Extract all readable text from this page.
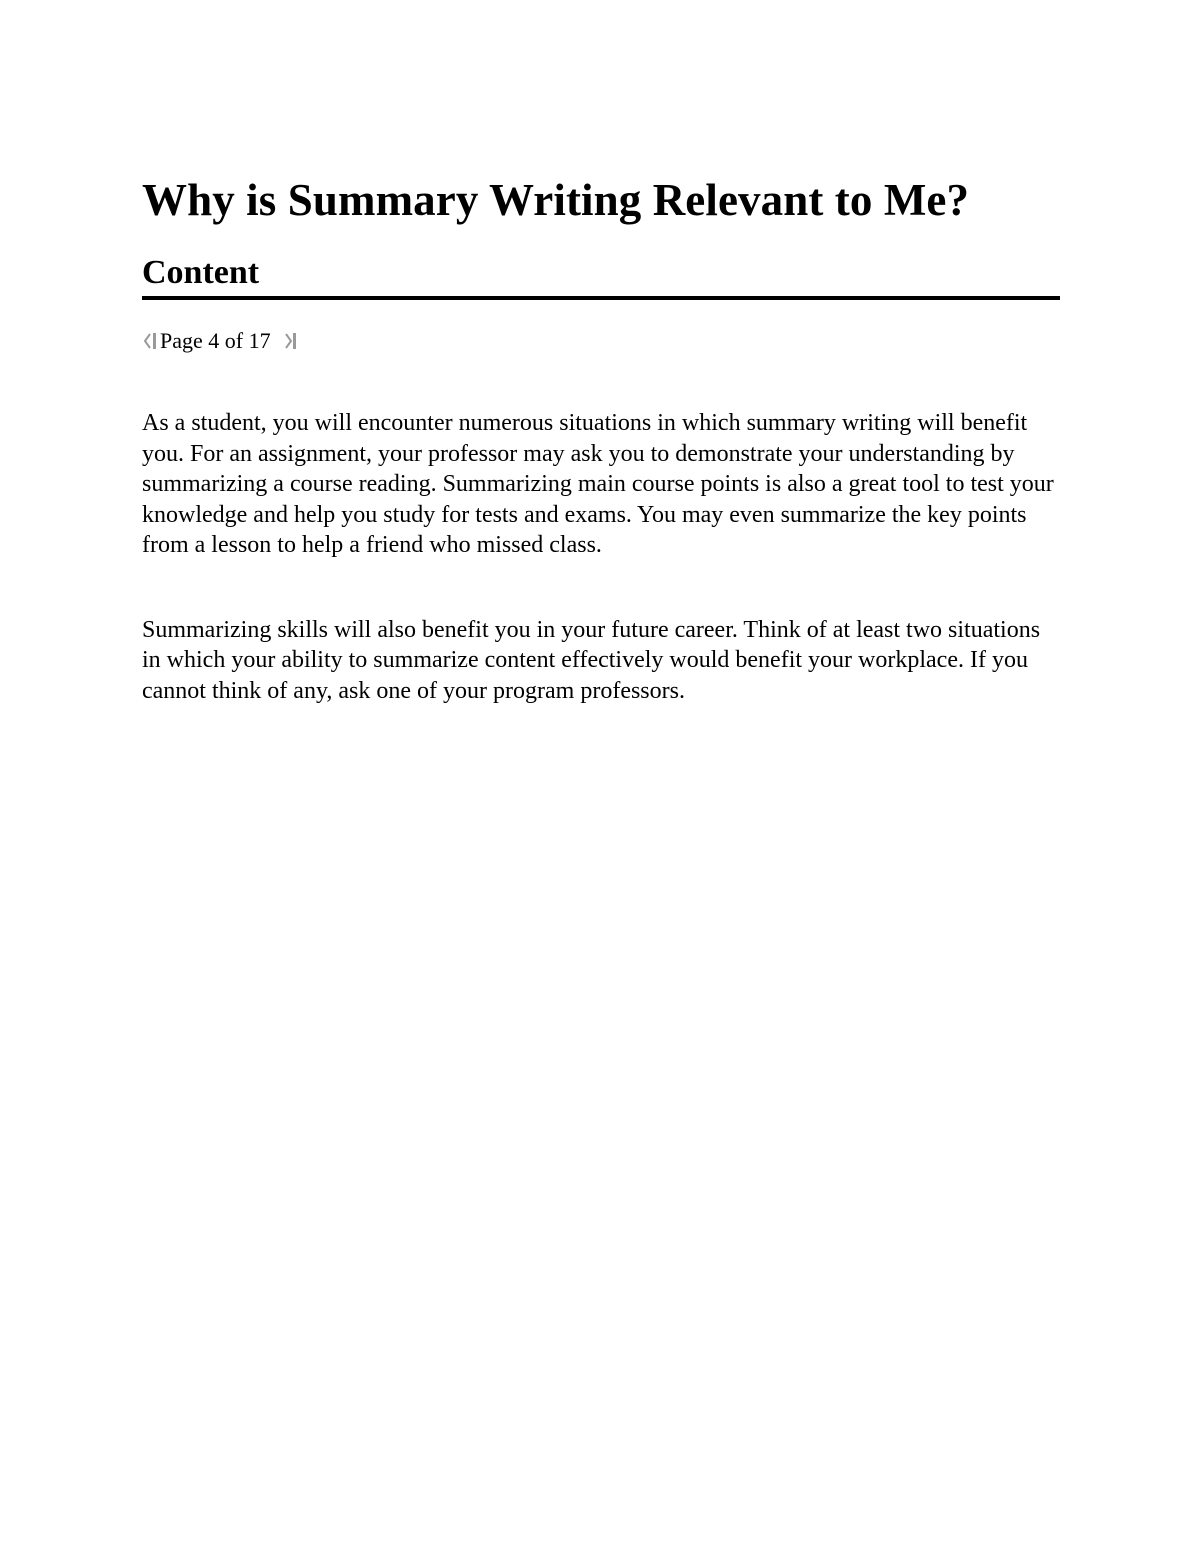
Why is Summary Writing Relevant to Me?
Content
Page 4 of 17

As a student, you will encounter numerous situations in which summary writing will benefit you. For an assignment, your professor may ask you to demonstrate your understanding by summarizing a course reading. Summarizing main course points is also a great tool to test your knowledge and help you study for tests and exams. You may even summarize the key points from a lesson to help a friend who missed class.

Summarizing skills will also benefit you in your future career. Think of at least two situations in which your ability to summarize content effectively would benefit your workplace. If you cannot think of any, ask one of your program professors.
